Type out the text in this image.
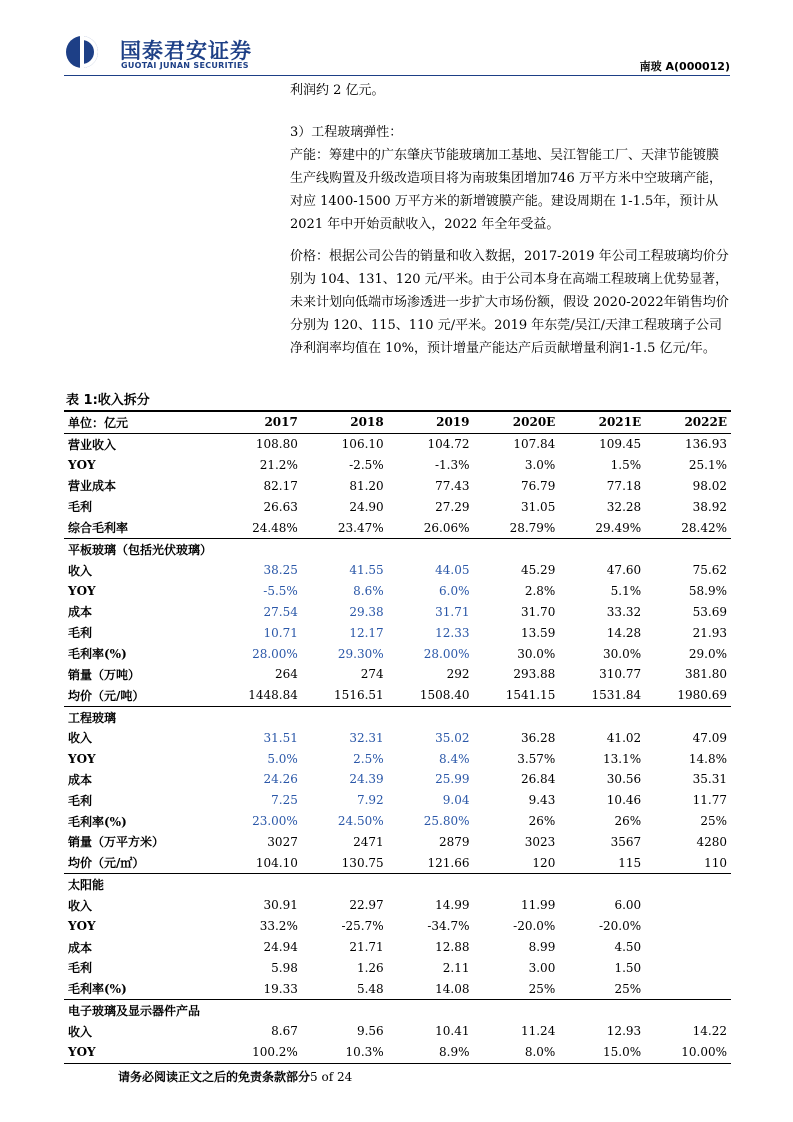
国泰君安证券
GUOTAI JUNAN SECURITIES	南玻 A(000012)

利润约 2 亿元。

3）工程玻璃弹性：

产能：筹建中的广东肇庆节能玻璃加工基地、吴江智能工厂、天津节能镀膜生产线购置及升级改造项目将为南玻集团增加746 万平方米中空玻璃产能，对应 1400-1500 万平方米的新增镀膜产能。建设周期在 1-1.5年，预计从 2021 年中开始贡献收入，2022 年全年受益。

价格：根据公司公告的销量和收入数据，2017-2019 年公司工程玻璃均价分别为 104、131、120 元/平米。由于公司本身在高端工程玻璃上优势显著，未来计划向低端市场渗透进一步扩大市场份额，假设 2020-2022年销售均价分别为 120、115、110 元/平米。2019 年东莞/吴江/天津工程玻璃子公司净利润率均值在 10%，预计增量产能达产后贡献增量利润1-1.5 亿元/年。

表 1:收入拆分
单位：亿元	2017	2018	2019	2020E	2021E	2022E
营业收入	108.80	106.10	104.72	107.84	109.45	136.93
YOY	21.2%	-2.5%	-1.3%	3.0%	1.5%	25.1%
营业成本	82.17	81.20	77.43	76.79	77.18	98.02
毛利	26.63	24.90	27.29	31.05	32.28	38.92
综合毛利率	24.48%	23.47%	26.06%	28.79%	29.49%	28.42%
平板玻璃（包括光伏玻璃）						
收入	38.25	41.55	44.05	45.29	47.60	75.62
YOY	-5.5%	8.6%	6.0%	2.8%	5.1%	58.9%
成本	27.54	29.38	31.71	31.70	33.32	53.69
毛利	10.71	12.17	12.33	13.59	14.28	21.93
毛利率(%)	28.00%	29.30%	28.00%	30.0%	30.0%	29.0%
销量（万吨）	264	274	292	293.88	310.77	381.80
均价（元/吨）	1448.84	1516.51	1508.40	1541.15	1531.84	1980.69
工程玻璃						
收入	31.51	32.31	35.02	36.28	41.02	47.09
YOY	5.0%	2.5%	8.4%	3.57%	13.1%	14.8%
成本	24.26	24.39	25.99	26.84	30.56	35.31
毛利	7.25	7.92	9.04	9.43	10.46	11.77
毛利率(%)	23.00%	24.50%	25.80%	26%	26%	25%
销量（万平方米）	3027	2471	2879	3023	3567	4280
均价（元/㎡）	104.10	130.75	121.66	120	115	110
太阳能						
收入	30.91	22.97	14.99	11.99	6.00	
YOY	33.2%	-25.7%	-34.7%	-20.0%	-20.0%	
成本	24.94	21.71	12.88	8.99	4.50	
毛利	5.98	1.26	2.11	3.00	1.50	
毛利率(%)	19.33	5.48	14.08	25%	25%	
电子玻璃及显示器件产品						
收入	8.67	9.56	10.41	11.24	12.93	14.22
YOY	100.2%	10.3%	8.9%	8.0%	15.0%	10.00%
请务必阅读正文之后的免责条款部分5 of 24
